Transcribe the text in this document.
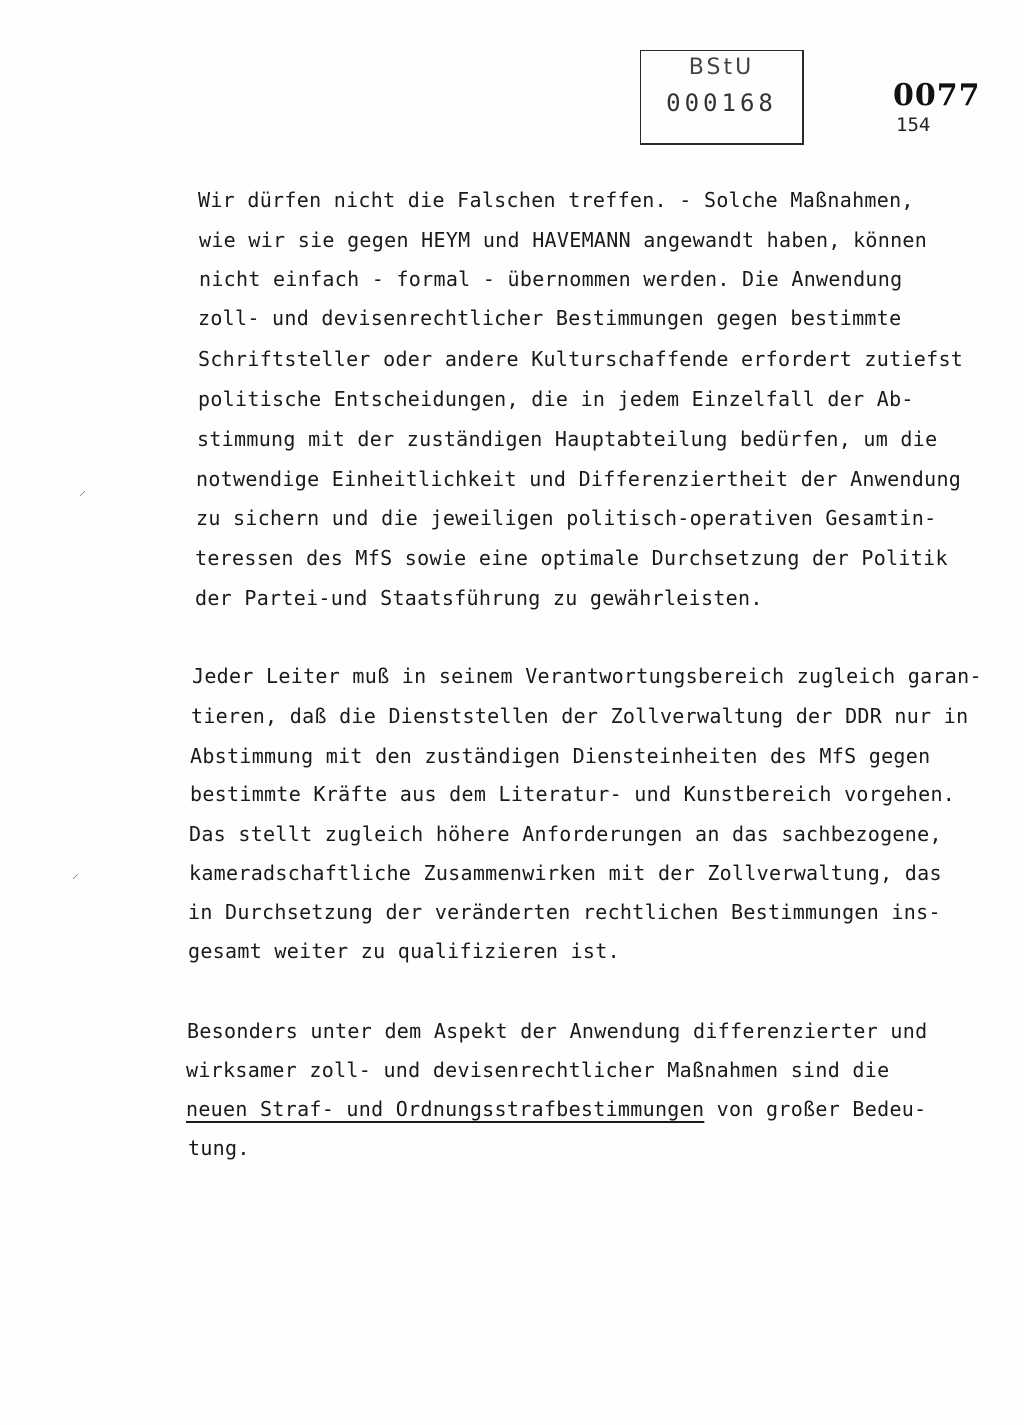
BStU
000168	0077
154
Wir dürfen nicht die Falschen treffen. - Solche Maßnahmen,
wie wir sie gegen HEYM und HAVEMANN angewandt haben, können
nicht einfach - formal - übernommen werden. Die Anwendung
zoll- und devisenrechtlicher Bestimmungen gegen bestimmte
Schriftsteller oder andere Kulturschaffende erfordert zutiefst
politische Entscheidungen, die in jedem Einzelfall der Ab-
stimmung mit der zuständigen Hauptabteilung bedürfen, um die
notwendige Einheitlichkeit und Differenziertheit der Anwendung
zu sichern und die jeweiligen politisch-operativen Gesamtin-
teressen des MfS sowie eine optimale Durchsetzung der Politik
der Partei-und Staatsführung zu gewährleisten.
Jeder Leiter muß in seinem Verantwortungsbereich zugleich garan-
tieren, daß die Dienststellen der Zollverwaltung der DDR nur in
Abstimmung mit den zuständigen Diensteinheiten des MfS gegen
bestimmte Kräfte aus dem Literatur- und Kunstbereich vorgehen.
Das stellt zugleich höhere Anforderungen an das sachbezogene,
kameradschaftliche Zusammenwirken mit der Zollverwaltung, das
in Durchsetzung der veränderten rechtlichen Bestimmungen ins-
gesamt weiter zu qualifizieren ist.
Besonders unter dem Aspekt der Anwendung differenzierter und
wirksamer zoll- und devisenrechtlicher Maßnahmen sind die
neuen Straf- und Ordnungsstrafbestimmungen von großer Bedeu-
tung.
⸝
⸝
